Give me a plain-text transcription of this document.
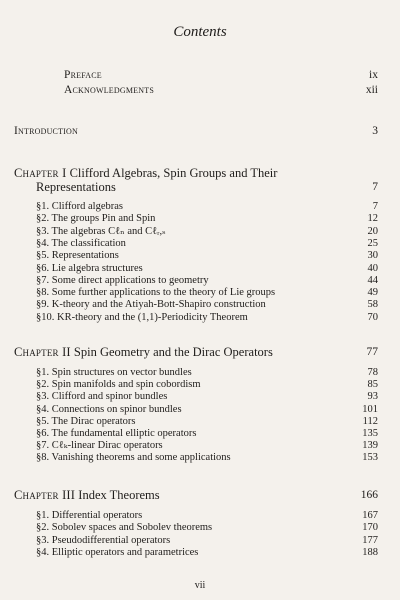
Contents
Preface	ix
Acknowledgments	xii
Introduction	3
Chapter I Clifford Algebras, Spin Groups and Their
Representations	7
§1. Clifford algebras	7
§2. The groups Pin and Spin	12
§3. The algebras Cℓₙ and Cℓᵣ,ₛ	20
§4. The classification	25
§5. Representations	30
§6. Lie algebra structures	40
§7. Some direct applications to geometry	44
§8. Some further applications to the theory of Lie groups	49
§9. K-theory and the Atiyah-Bott-Shapiro construction	58
§10. KR-theory and the (1,1)-Periodicity Theorem	70
Chapter II Spin Geometry and the Dirac Operators	77
§1. Spin structures on vector bundles	78
§2. Spin manifolds and spin cobordism	85
§3. Clifford and spinor bundles	93
§4. Connections on spinor bundles	101
§5. The Dirac operators	112
§6. The fundamental elliptic operators	135
§7. Cℓₖ-linear Dirac operators	139
§8. Vanishing theorems and some applications	153
Chapter III Index Theorems	166
§1. Differential operators	167
§2. Sobolev spaces and Sobolev theorems	170
§3. Pseudodifferential operators	177
§4. Elliptic operators and parametrices	188
vii
